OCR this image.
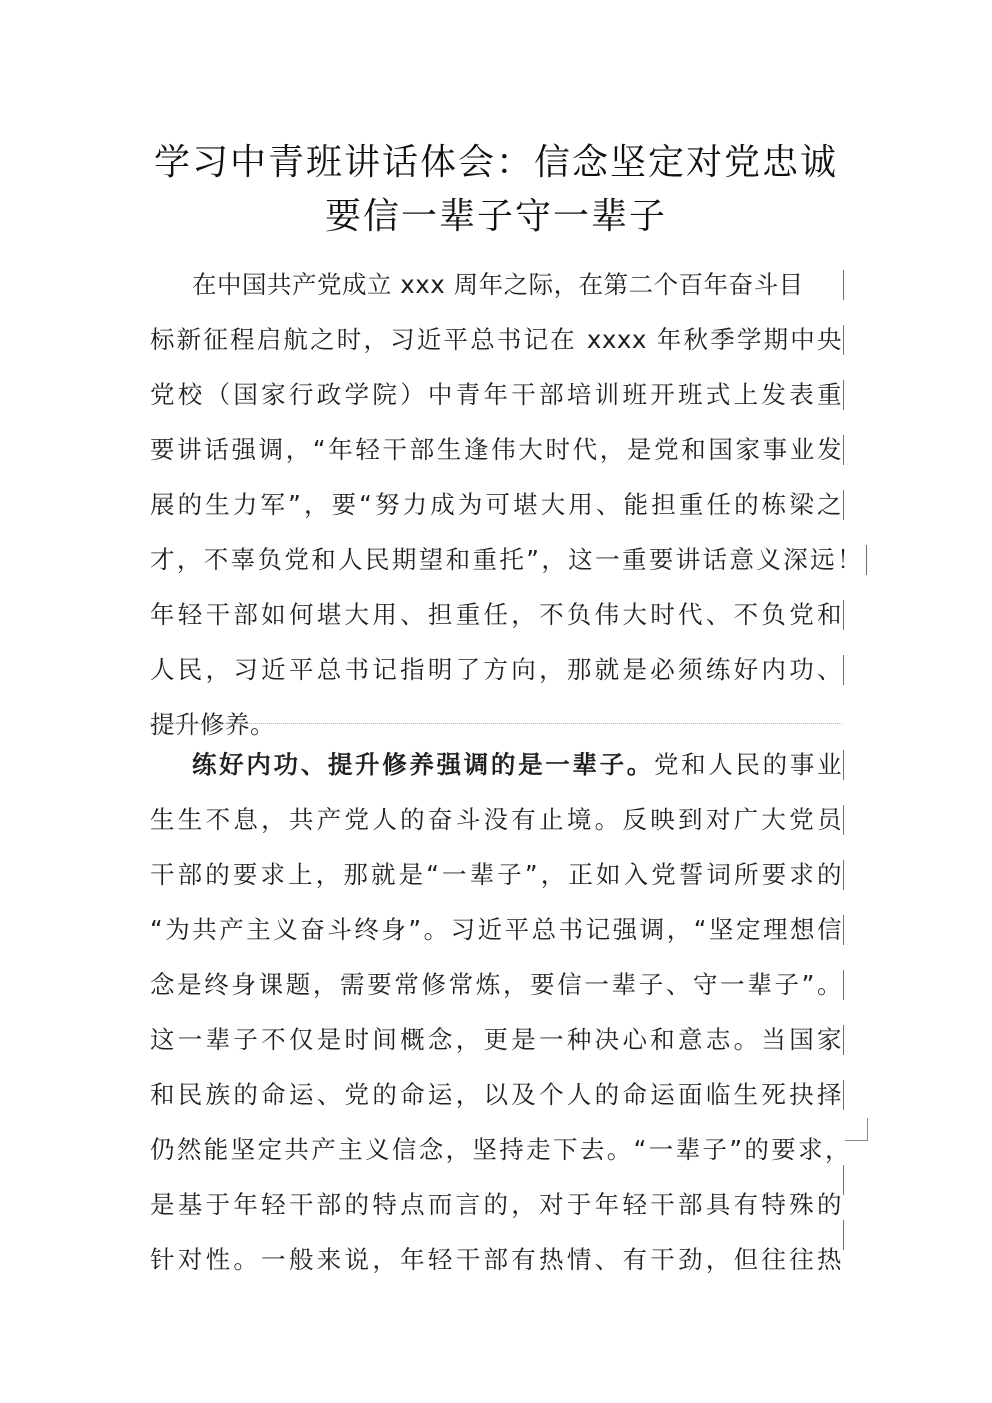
学习中青班讲话体会：信念坚定对党忠诚
要信一辈子守一辈子
在中国共产党成立 xxx 周年之际，在第二个百年奋斗目
标新征程启航之时，习近平总书记在 xxxx 年秋季学期中央
党校（国家行政学院）中青年干部培训班开班式上发表重
要讲话强调，“年轻干部生逢伟大时代，是党和国家事业发
展的生力军”，要“努力成为可堪大用、能担重任的栋梁之
才，不辜负党和人民期望和重托”，这一重要讲话意义深远！
年轻干部如何堪大用、担重任，不负伟大时代、不负党和
人民，习近平总书记指明了方向，那就是必须练好内功、
提升修养。
练好内功、提升修养强调的是一辈子。党和人民的事业
生生不息，共产党人的奋斗没有止境。反映到对广大党员
干部的要求上，那就是“一辈子”，正如入党誓词所要求的
“为共产主义奋斗终身”。习近平总书记强调，“坚定理想信
念是终身课题，需要常修常炼，要信一辈子、守一辈子”。
这一辈子不仅是时间概念，更是一种决心和意志。当国家
和民族的命运、党的命运，以及个人的命运面临生死抉择
仍然能坚定共产主义信念，坚持走下去。“一辈子”的要求，
是基于年轻干部的特点而言的，对于年轻干部具有特殊的
针对性。一般来说，年轻干部有热情、有干劲，但往往热
